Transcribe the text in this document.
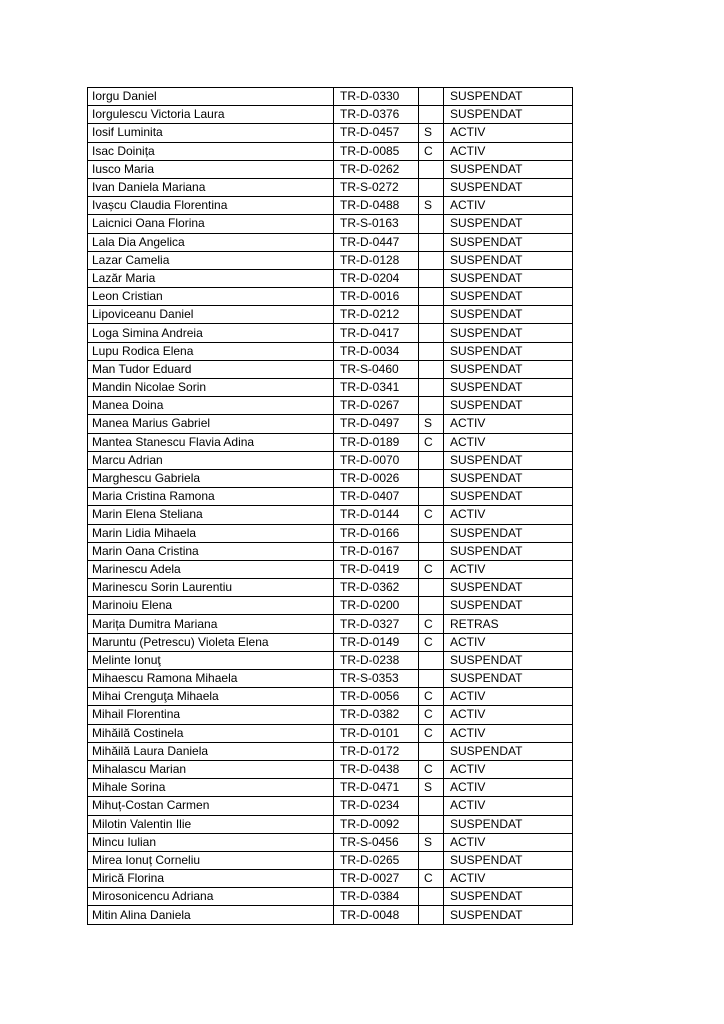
Iorgu Daniel	TR-D-0330		SUSPENDAT
Iorgulescu Victoria Laura	TR-D-0376		SUSPENDAT
Iosif Luminita	TR-D-0457	S	ACTIV
Isac Doinița	TR-D-0085	C	ACTIV
Iusco Maria	TR-D-0262		SUSPENDAT
Ivan Daniela Mariana	TR-S-0272		SUSPENDAT
Ivașcu Claudia Florentina	TR-D-0488	S	ACTIV
Laicnici Oana Florina	TR-S-0163		SUSPENDAT
Lala Dia Angelica	TR-D-0447		SUSPENDAT
Lazar Camelia	TR-D-0128		SUSPENDAT
Lazăr Maria	TR-D-0204		SUSPENDAT
Leon Cristian	TR-D-0016		SUSPENDAT
Lipoviceanu Daniel	TR-D-0212		SUSPENDAT
Loga Simina Andreia	TR-D-0417		SUSPENDAT
Lupu Rodica Elena	TR-D-0034		SUSPENDAT
Man Tudor Eduard	TR-S-0460		SUSPENDAT
Mandin Nicolae Sorin	TR-D-0341		SUSPENDAT
Manea Doina	TR-D-0267		SUSPENDAT
Manea Marius Gabriel	TR-D-0497	S	ACTIV
Mantea Stanescu Flavia Adina	TR-D-0189	C	ACTIV
Marcu Adrian	TR-D-0070		SUSPENDAT
Marghescu Gabriela	TR-D-0026		SUSPENDAT
Maria Cristina Ramona	TR-D-0407		SUSPENDAT
Marin Elena Steliana	TR-D-0144	C	ACTIV
Marin Lidia Mihaela	TR-D-0166		SUSPENDAT
Marin Oana Cristina	TR-D-0167		SUSPENDAT
Marinescu Adela	TR-D-0419	C	ACTIV
Marinescu Sorin Laurentiu	TR-D-0362		SUSPENDAT
Marinoiu Elena	TR-D-0200		SUSPENDAT
Marița Dumitra Mariana	TR-D-0327	C	RETRAS
Maruntu (Petrescu) Violeta Elena	TR-D-0149	C	ACTIV
Melinte Ionuţ	TR-D-0238		SUSPENDAT
Mihaescu Ramona Mihaela	TR-S-0353		SUSPENDAT
Mihai Crenguţa Mihaela	TR-D-0056	C	ACTIV
Mihail Florentina	TR-D-0382	C	ACTIV
Mihăilă Costinela	TR-D-0101	C	ACTIV
Mihăilă Laura Daniela	TR-D-0172		SUSPENDAT
Mihalascu Marian	TR-D-0438	C	ACTIV
Mihale Sorina	TR-D-0471	S	ACTIV
Mihuț-Costan Carmen	TR-D-0234		ACTIV
Milotin Valentin Ilie	TR-D-0092		SUSPENDAT
Mincu Iulian	TR-S-0456	S	ACTIV
Mirea Ionuț Corneliu	TR-D-0265		SUSPENDAT
Mirică Florina	TR-D-0027	C	ACTIV
Mirosonicencu Adriana	TR-D-0384		SUSPENDAT
Mitin Alina Daniela	TR-D-0048		SUSPENDAT
